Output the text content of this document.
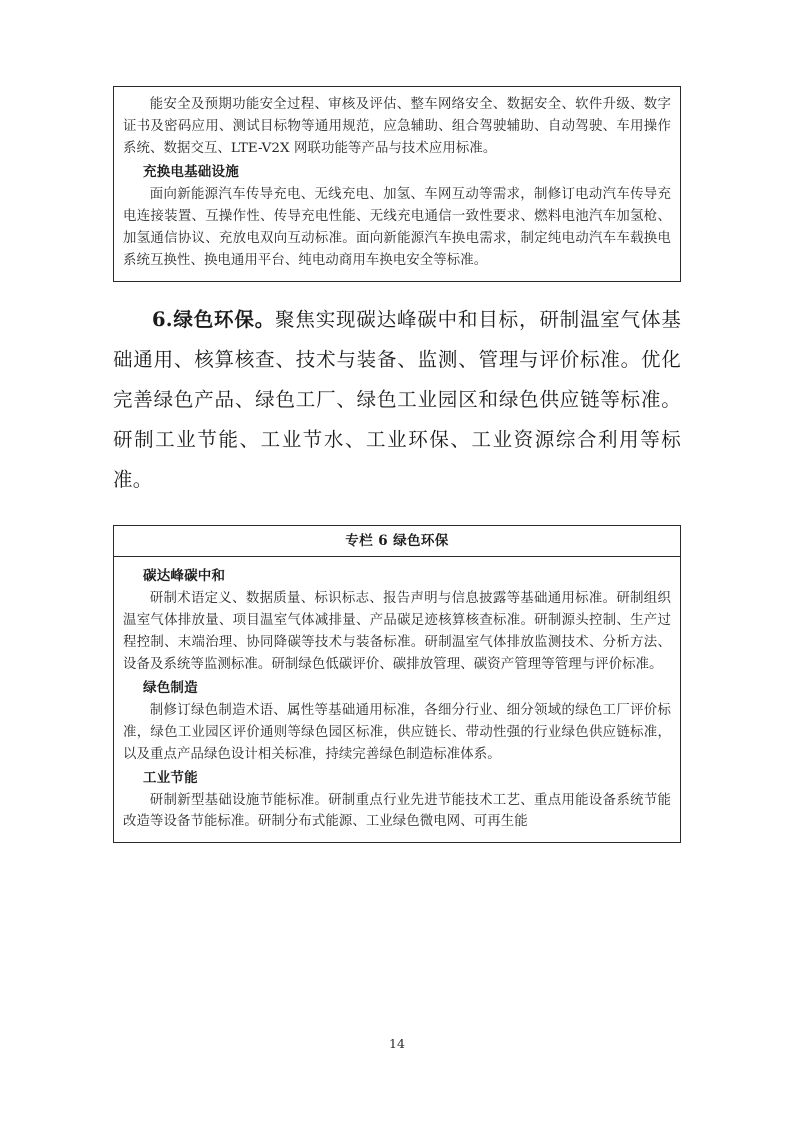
能安全及预期功能安全过程、审核及评估、整车网络安全、数据安全、软件升级、数字证书及密码应用、测试目标物等通用规范，应急辅助、组合驾驶辅助、自动驾驶、车用操作系统、数据交互、LTE-V2X 网联功能等产品与技术应用标准。

充换电基础设施

面向新能源汽车传导充电、无线充电、加氢、车网互动等需求，制修订电动汽车传导充电连接装置、互操作性、传导充电性能、无线充电通信一致性要求、燃料电池汽车加氢枪、加氢通信协议、充放电双向互动标准。面向新能源汽车换电需求，制定纯电动汽车车载换电系统互换性、换电通用平台、纯电动商用车换电安全等标准。

6.绿色环保。聚焦实现碳达峰碳中和目标，研制温室气体基础通用、核算核查、技术与装备、监测、管理与评价标准。优化完善绿色产品、绿色工厂、绿色工业园区和绿色供应链等标准。研制工业节能、工业节水、工业环保、工业资源综合利用等标准。

专栏 6 绿色环保
碳达峰碳中和

研制术语定义、数据质量、标识标志、报告声明与信息披露等基础通用标准。研制组织温室气体排放量、项目温室气体减排量、产品碳足迹核算核查标准。研制源头控制、生产过程控制、末端治理、协同降碳等技术与装备标准。研制温室气体排放监测技术、分析方法、设备及系统等监测标准。研制绿色低碳评价、碳排放管理、碳资产管理等管理与评价标准。

绿色制造

制修订绿色制造术语、属性等基础通用标准，各细分行业、细分领域的绿色工厂评价标准，绿色工业园区评价通则等绿色园区标准，供应链长、带动性强的行业绿色供应链标准，以及重点产品绿色设计相关标准，持续完善绿色制造标准体系。

工业节能

研制新型基础设施节能标准。研制重点行业先进节能技术工艺、重点用能设备系统节能改造等设备节能标准。研制分布式能源、工业绿色微电网、可再生能

14
